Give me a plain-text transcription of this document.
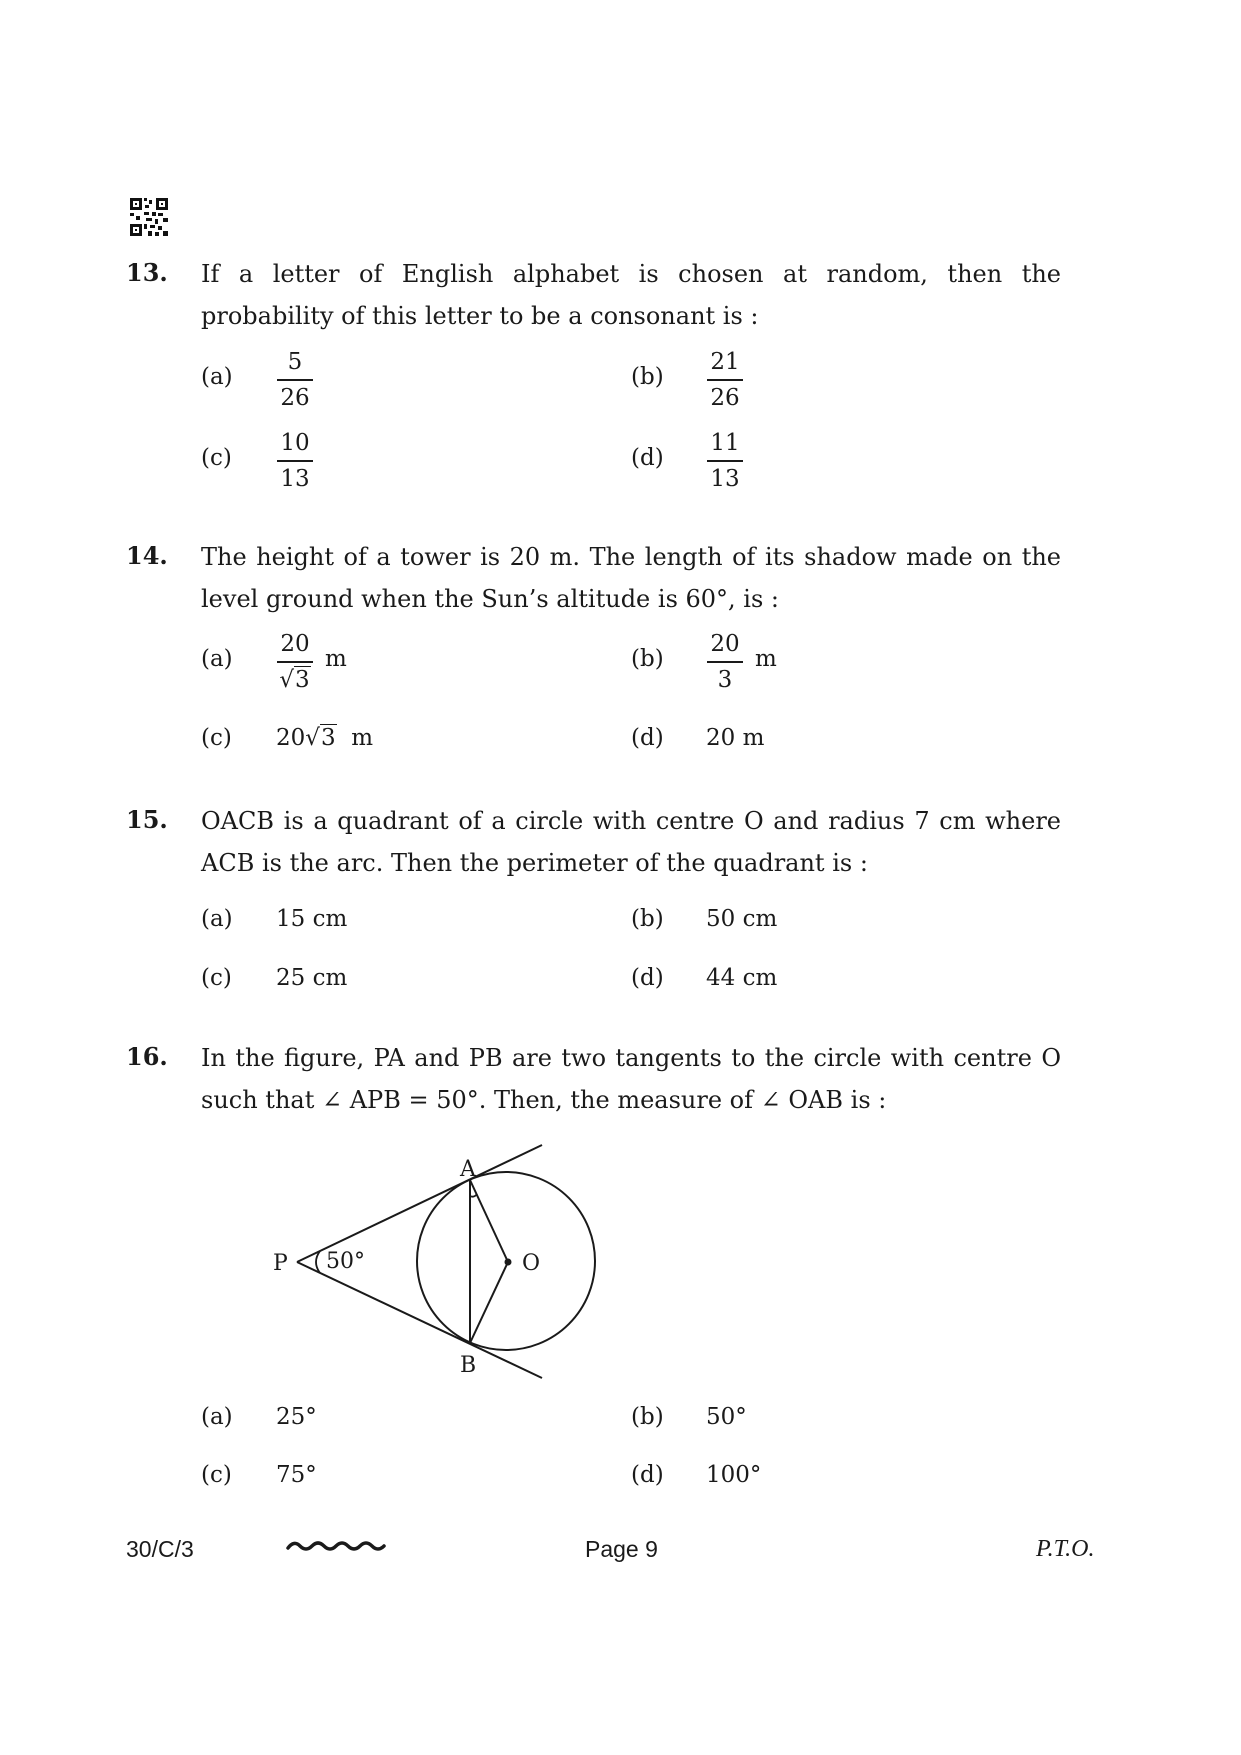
13. If a letter of English alphabet is chosen at random, then the probability of this letter to be a consonant is :
(a)
5
26
(b)
21
26
(c)
10
13
(d)
11
13
14. The height of a tower is 20 m. The length of its shadow made on the level ground when the Sun’s altitude is 60°, is :
(a)
20
√3
m	(b)
20
3
m
(c) 20√3 m	(d) 20 m
15. OACB is a quadrant of a circle with centre O and radius 7 cm where ACB is the arc. Then the perimeter of the quadrant is :
(a) 15 cm	(b) 50 cm
(c) 25 cm	(d) 44 cm
16. In the figure, PA and PB are two tangents to the circle with centre O such that ∠ APB = 50°. Then, the measure of ∠ OAB is :
A
B
P	O
50°
(a) 25°	(b) 50°
(c) 75°	(d) 100°
30/C/3	Page 9	P.T.O.
